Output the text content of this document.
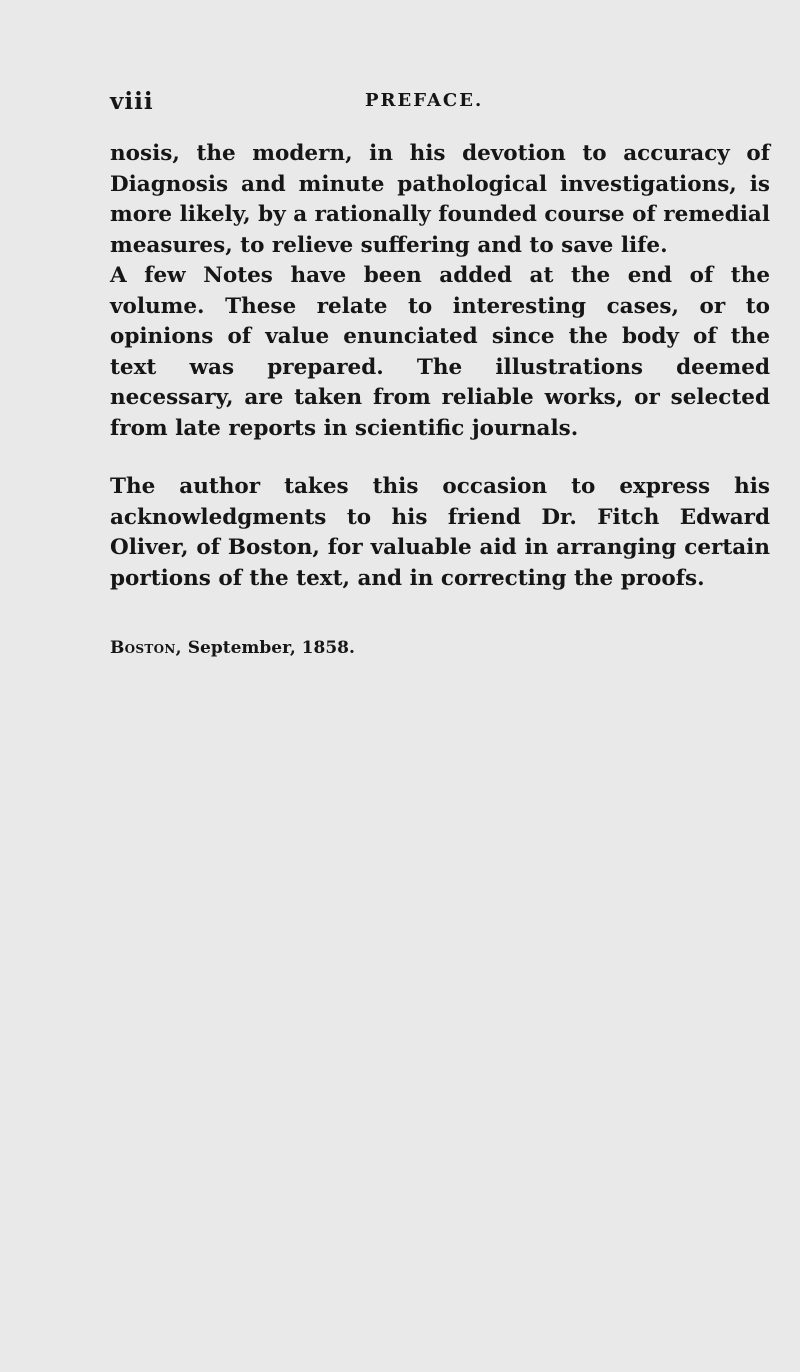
viii	PREFACE.

nosis, the modern, in his devotion to accuracy of Diagnosis and minute pathological investigations, is more likely, by a rationally founded course of remedial measures, to relieve suffering and to save life.

A few Notes have been added at the end of the volume. These relate to interesting cases, or to opinions of value enunciated since the body of the text was prepared. The illustrations deemed necessary, are taken from reliable works, or selected from late reports in scientific journals.

The author takes this occasion to express his acknowledgments to his friend Dr. Fitch Edward Oliver, of Boston, for valuable aid in arranging certain portions of the text, and in correcting the proofs.

Boston, September, 1858.
